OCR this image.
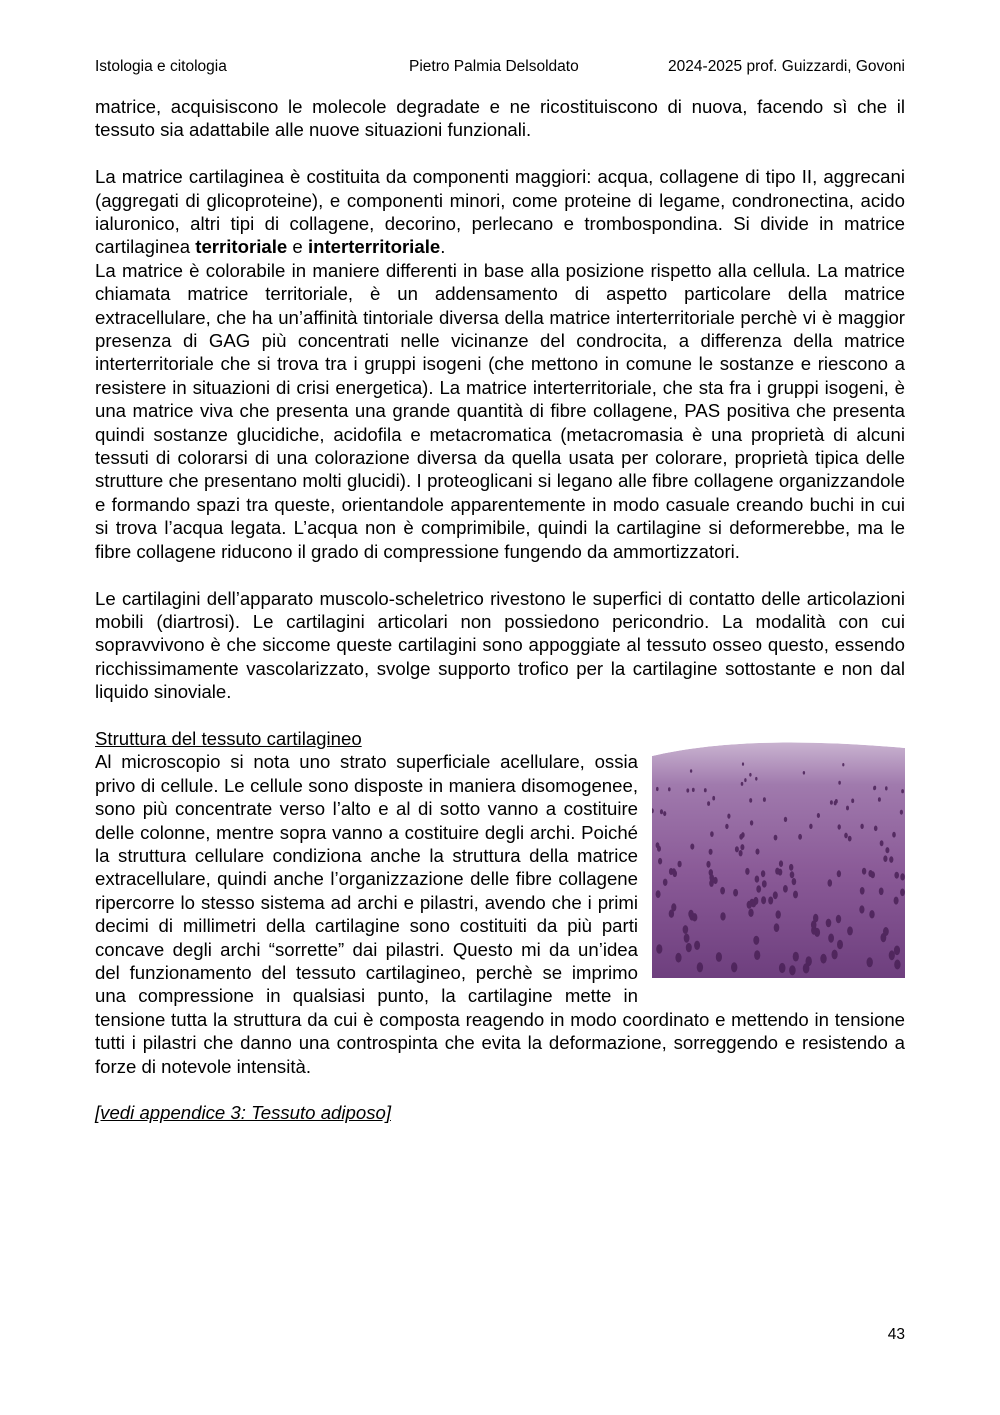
Istologia e citologia	Pietro Palmia Delsoldato	2024-2025 prof. Guizzardi, Govoni

matrice, acquisiscono le molecole degradate e ne ricostituiscono di nuova, facendo sì che il tessuto sia adattabile alle nuove situazioni funzionali.

La matrice cartilaginea è costituita da componenti maggiori: acqua, collagene di tipo II, aggrecani (aggregati di glicoproteine), e componenti minori, come proteine di legame, condronectina, acido ialuronico, altri tipi di collagene, decorino, perlecano e trombospondina. Si divide in matrice cartilaginea territoriale e interterritoriale.

La matrice è colorabile in maniere differenti in base alla posizione rispetto alla cellula. La matrice chiamata matrice territoriale, è un addensamento di aspetto particolare della matrice extracellulare, che ha un’affinità tintoriale diversa della matrice interterritoriale perchè vi è maggior presenza di GAG più concentrati nelle vicinanze del condrocita, a differenza della matrice interterritoriale che si trova tra i gruppi isogeni (che mettono in comune le sostanze e riescono a resistere in situazioni di crisi energetica). La matrice interterritoriale, che sta fra i gruppi isogeni, è una matrice viva che presenta una grande quantità di fibre collagene, PAS positiva che presenta quindi sostanze glucidiche, acidofila e metacromatica (metacromasia è una proprietà di alcuni tessuti di colorarsi di una colorazione diversa da quella usata per colorare, proprietà tipica delle strutture che presentano molti glucidi). I proteoglicani si legano alle fibre collagene organizzandole e formando spazi tra queste, orientandole apparentemente in modo casuale creando buchi in cui si trova l’acqua legata. L’acqua non è comprimibile, quindi la cartilagine si deformerebbe, ma le fibre collagene riducono il grado di compressione fungendo da ammortizzatori.

Le cartilagini dell’apparato muscolo-scheletrico rivestono le superfici di contatto delle articolazioni mobili (diartrosi). Le cartilagini articolari non possiedono pericondrio. La modalità con cui sopravvivono è che siccome queste cartilagini sono appoggiate al tessuto osseo questo, essendo ricchissimamente vascolarizzato, svolge supporto trofico per la cartilagine sottostante e non dal liquido sinoviale.

Struttura del tessuto cartilagineo

Al microscopio si nota uno strato superficiale acellulare, ossia privo di cellule. Le cellule sono disposte in maniera disomogenee, sono più concentrate verso l’alto e al di sotto vanno a costituire delle colonne, mentre sopra vanno a costituire degli archi. Poiché la struttura cellulare condiziona anche la struttura della matrice extracellulare, quindi anche l’organizzazione delle fibre collagene ripercorre lo stesso sistema ad archi e pilastri, avendo che i primi decimi di millimetri della cartilagine sono costituiti da più parti concave degli archi “sorrette” dai pilastri. Questo mi da un’idea del funzionamento del tessuto cartilagineo, perchè se imprimo una compressione in qualsiasi punto, la cartilagine mette in tensione tutta la struttura da cui è composta reagendo in modo coordinato e mettendo in tensione tutti i pilastri che danno una controspinta che evita la deformazione, sorreggendo e resistendo a forze di notevole intensità.

[vedi appendice 3: Tessuto adiposo]

43
